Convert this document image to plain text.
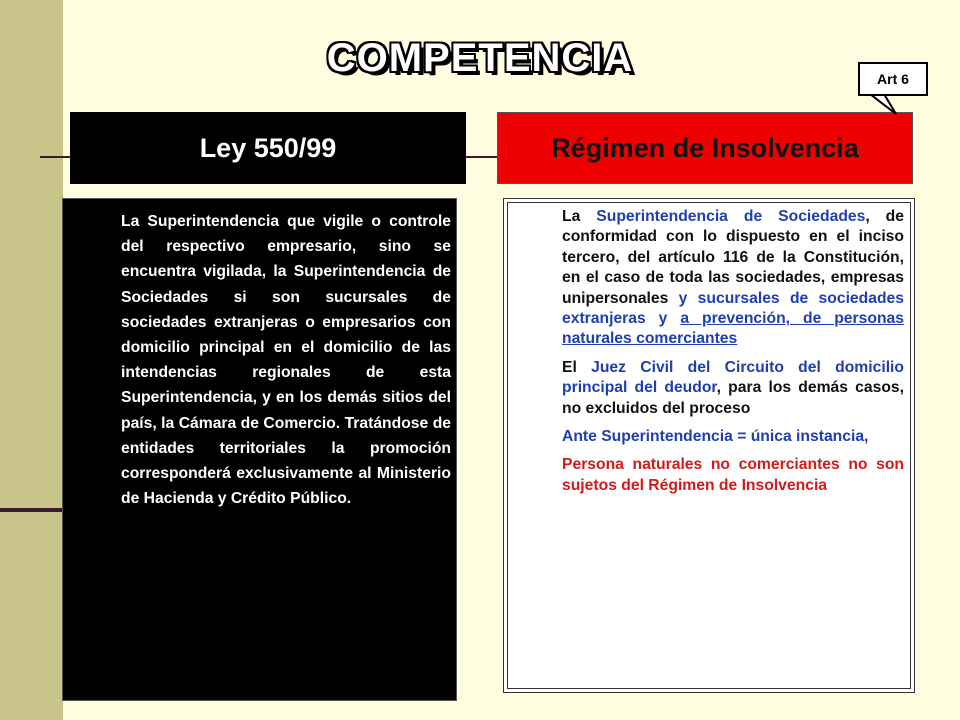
COMPETENCIA
Ley 550/99	Régimen de Insolvencia
Art 6

La Superintendencia que vigile o controle del respectivo empresario, sino se encuentra vigilada, la Superintendencia de Sociedades si son sucursales de sociedades extranjeras o empresarios con domicilio principal en el domicilio de las intendencias regionales de esta Superintendencia, y en los demás sitios del país, la Cámara de Comercio. Tratándose de entidades territoriales la promoción corresponderá exclusivamente al Ministerio de Hacienda y Crédito Público.

La Superintendencia de Sociedades, de conformidad con lo dispuesto en el inciso tercero, del artículo 116 de la Constitución, en el caso de toda las sociedades, empresas unipersonales y sucursales de sociedades extranjeras y a prevención, de personas naturales comerciantes

El Juez Civil del Circuito del domicilio principal del deudor, para los demás casos, no excluidos del proceso

Ante Superintendencia = única instancia,

Persona naturales no comerciantes no son sujetos del Régimen de Insolvencia
